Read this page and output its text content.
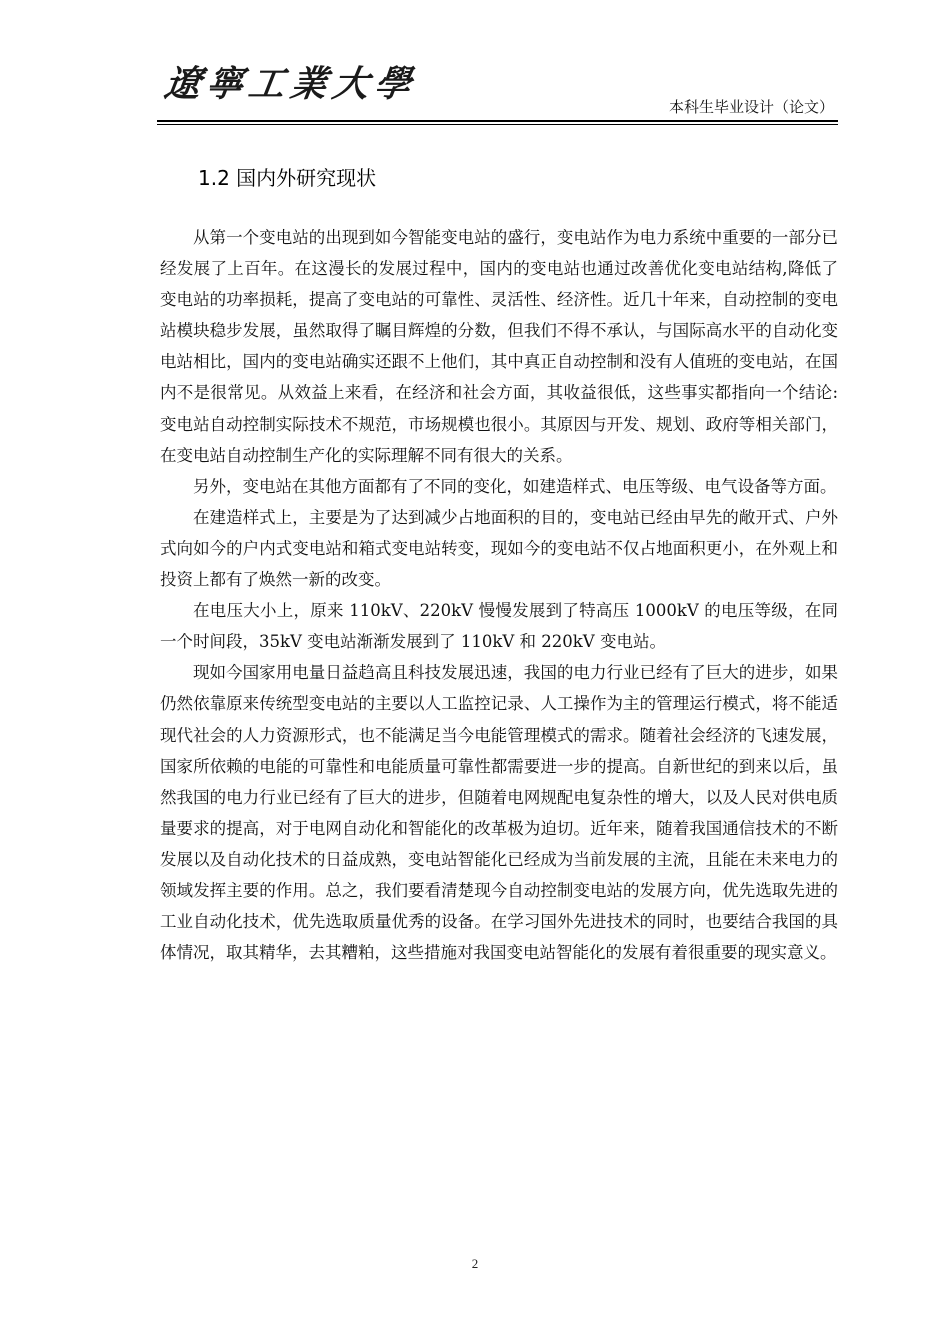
遼寧工業大學
本科生毕业设计（论文）
1.2 国内外研究现状

从第一个变电站的出现到如今智能变电站的盛行，变电站作为电力系统中重要的一部分已经发展了上百年。在这漫长的发展过程中，国内的变电站也通过改善优化变电站结构,降低了变电站的功率损耗，提高了变电站的可靠性、灵活性、经济性。近几十年来，自动控制的变电站模块稳步发展，虽然取得了瞩目辉煌的分数，但我们不得不承认，与国际高水平的自动化变电站相比，国内的变电站确实还跟不上他们，其中真正自动控制和没有人值班的变电站，在国内不是很常见。从效益上来看，在经济和社会方面，其收益很低，这些事实都指向一个结论:变电站自动控制实际技术不规范，市场规模也很小。其原因与开发、规划、政府等相关部门，在变电站自动控制生产化的实际理解不同有很大的关系。

另外，变电站在其他方面都有了不同的变化，如建造样式、电压等级、电气设备等方面。

在建造样式上，主要是为了达到减少占地面积的目的，变电站已经由早先的敞开式、户外式向如今的户内式变电站和箱式变电站转变，现如今的变电站不仅占地面积更小，在外观上和投资上都有了焕然一新的改变。

在电压大小上，原来 110kV、220kV 慢慢发展到了特高压 1000kV 的电压等级，在同一个时间段，35kV 变电站渐渐发展到了 110kV 和 220kV 变电站。

现如今国家用电量日益趋高且科技发展迅速，我国的电力行业已经有了巨大的进步，如果仍然依靠原来传统型变电站的主要以人工监控记录、人工操作为主的管理运行模式，将不能适现代社会的人力资源形式，也不能满足当今电能管理模式的需求。随着社会经济的飞速发展，国家所依赖的电能的可靠性和电能质量可靠性都需要进一步的提高。自新世纪的到来以后，虽然我国的电力行业已经有了巨大的进步，但随着电网规配电复杂性的增大，以及人民对供电质量要求的提高，对于电网自动化和智能化的改革极为迫切。近年来，随着我国通信技术的不断发展以及自动化技术的日益成熟，变电站智能化已经成为当前发展的主流，且能在未来电力的领域发挥主要的作用。总之，我们要看清楚现今自动控制变电站的发展方向，优先选取先进的工业自动化技术，优先选取质量优秀的设备。在学习国外先进技术的同时，也要结合我国的具体情况，取其精华，去其糟粕，这些措施对我国变电站智能化的发展有着很重要的现实意义。

2
